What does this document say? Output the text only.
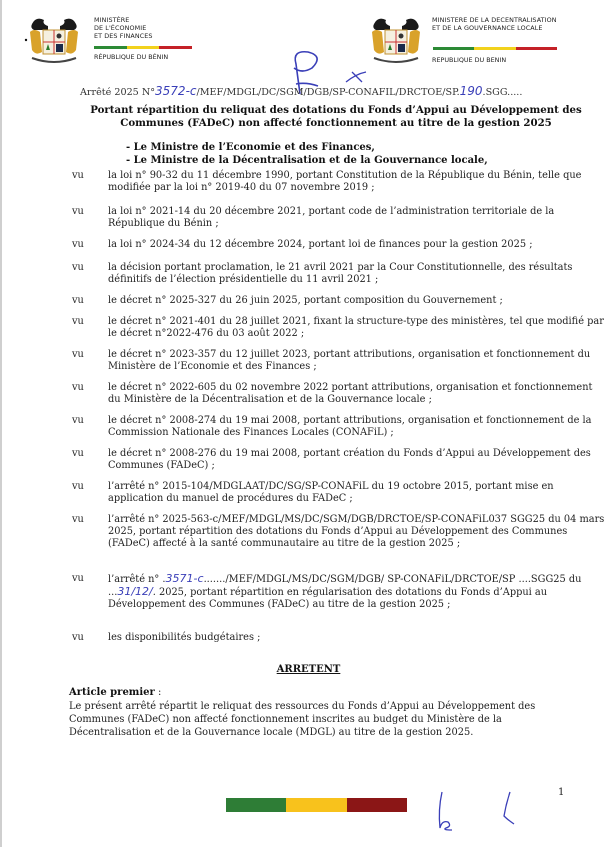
MINISTÈRE
DE L'ÉCONOMIE
ET DES FINANCES
RÉPUBLIQUE DU BÉNIN
MINISTERE DE LA DECENTRALISATION
ET DE LA GOUVERNANCE LOCALE
REPUBLIQUE DU BENIN
Arrêté 2025 N°3572-c/MEF/MDGL/DC/SGM/DGB/SP-CONAFIL/DRCTOE/SP.190.SGG.....
Portant répartition du reliquat des dotations du Fonds d’Appui au Développement des Communes (FADeC) non affecté fonctionnement au titre de la gestion 2025
- Le Ministre de l’Economie et des Finances,
- Le Ministre de la Décentralisation et de la Gouvernance locale,
vu	la loi n° 90-32 du 11 décembre 1990, portant Constitution de la République du Bénin, telle que modifiée par la loi n° 2019-40 du 07 novembre 2019 ;
vu	la loi n° 2021-14 du 20 décembre 2021, portant code de l’administration territoriale de la République du Bénin ;
vu	la loi n° 2024-34 du 12 décembre 2024, portant loi de finances pour la gestion 2025 ;
vu	la décision portant proclamation, le 21 avril 2021 par la Cour Constitutionnelle, des résultats définitifs de l’élection présidentielle du 11 avril 2021 ;
vu	le décret n° 2025-327 du 26 juin 2025, portant composition du Gouvernement ;
vu	le décret n° 2021-401 du 28 juillet 2021, fixant la structure-type des ministères, tel que modifié par le décret n°2022-476 du 03 août 2022 ;
vu	le décret n° 2023-357 du 12 juillet 2023, portant attributions, organisation et fonctionnement du Ministère de l’Economie et des Finances ;
vu	le décret n° 2022-605 du 02 novembre 2022 portant attributions, organisation et fonctionnement du Ministère de la Décentralisation et de la Gouvernance locale ;
vu	le décret n° 2008-274 du 19 mai 2008, portant attributions, organisation et fonctionnement de la Commission Nationale des Finances Locales (CONAFiL) ;
vu	le décret n° 2008-276 du 19 mai 2008, portant création du Fonds d’Appui au Développement des Communes (FADeC) ;
vu	l’arrêté n° 2015-104/MDGLAAT/DC/SG/SP-CONAFiL du 19 octobre 2015, portant mise en application du manuel de procédures du FADeC ;
vu	l’arrêté n° 2025-563-c/MEF/MDGL/MS/DC/SGM/DGB/DRCTOE/SP-CONAFiL037 SGG25 du 04 mars 2025, portant répartition des dotations du Fonds d’Appui au Développement des Communes (FADeC) affecté à la santé communautaire au titre de la gestion 2025 ;
vu	l’arrêté n° .3571-c......./MEF/MDGL/MS/DC/SGM/DGB/ SP-CONAFiL/DRCTOE/SP ....SGG25 du ...31/12/. 2025, portant répartition en régularisation des dotations du Fonds d’Appui au Développement des Communes (FADeC) au titre de la gestion 2025 ;
vu	les disponibilités budgétaires ;
ARRETENT
Article premier :
Le présent arrêté répartit le reliquat des ressources du Fonds d’Appui au Développement des Communes (FADeC) non affecté fonctionnement inscrites au budget du Ministère de la Décentralisation et de la Gouvernance locale (MDGL) au titre de la gestion 2025.
1
